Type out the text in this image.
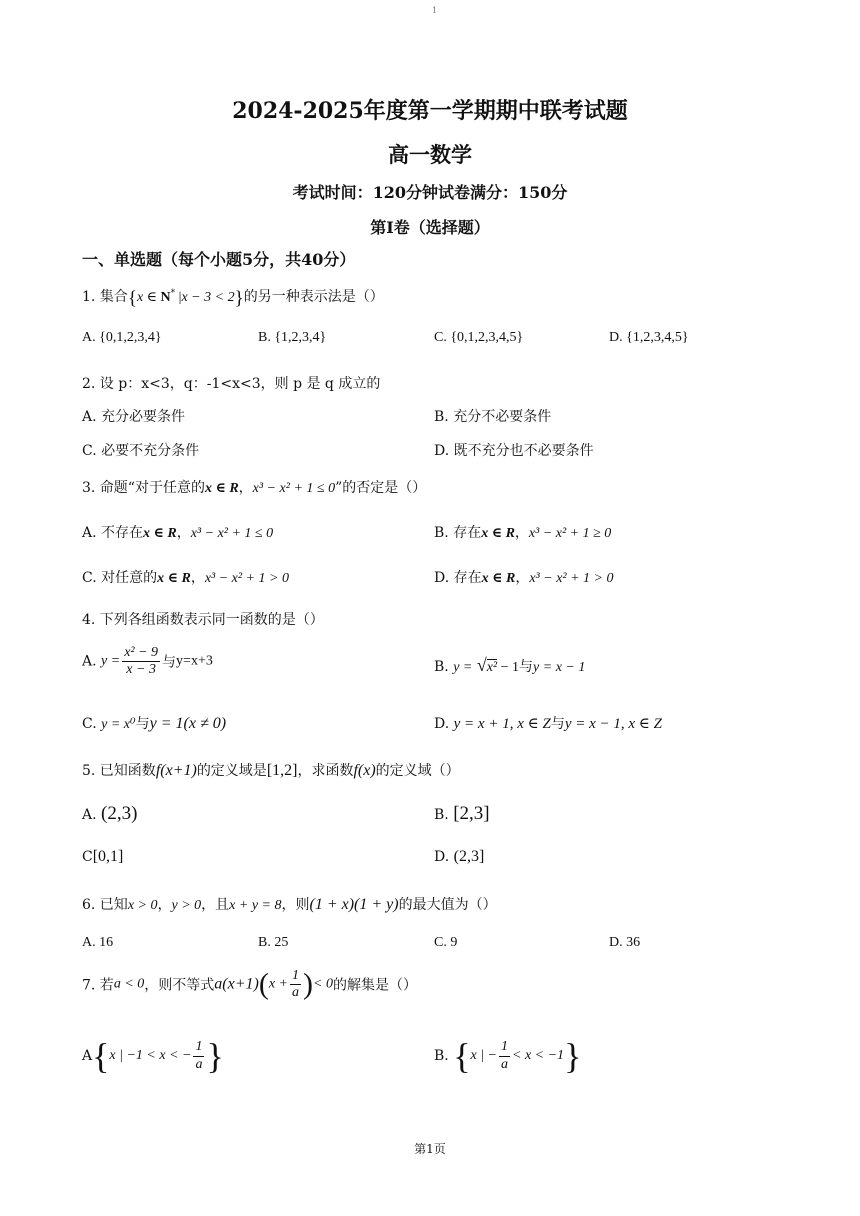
1
2024-2025年度第一学期期中联考试题
高一数学
考试时间：120分钟试卷满分：150分
第Ⅰ卷（选择题）
一、单选题（每个小题5分，共40分）
1. 集合{x ∈ N* |x − 3 < 2}的另一种表示法是（）
A. {0,1,2,3,4}	B. {1,2,3,4}	C. {0,1,2,3,4,5}	D. {1,2,3,4,5}
2. 设 p：x<3，q：-1<x<3，则 p 是 q 成立的
A. 充分必要条件	B. 充分不必要条件
C. 必要不充分条件	D. 既不充分也不必要条件
3. 命题“对于任意的x ∈ R，x³ − x² + 1 ≤ 0”的否定是（）
A. 不存在x ∈ R，x³ − x² + 1 ≤ 0	B. 存在x ∈ R，x³ − x² + 1 ≥ 0
C. 对任意的x ∈ R，x³ − x² + 1 > 0	D. 存在x ∈ R，x³ − x² + 1 > 0
4. 下列各组函数表示同一函数的是（）
A. $y = \frac{\text{x² − 9}}{x - 3}$ 与y=x+3	B. y = √x² − 1与y = x − 1
C. y = x⁰与y = 1(x ≠ 0)	D. y = x + 1, x ∈ Z与y = x − 1, x ∈ Z
5. 已知函数f(x+1)的定义域是[1,2]，求函数f(x)的定义域（）
A. (2,3)	B. [2,3]
C[0,1]	D. (2,3]
6. 已知x > 0，y > 0，且x + y = 8，则(1 + x)(1 + y)的最大值为（）
A. 16	B. 25	C. 9	D. 36
7. 若a < 0，则不等式$a(x+1)(x + \frac{1}{a}$ )< 0的解集是（）
A{x | −1 < x < − $\frac{1}{a}$ }	B. {x | − $\frac{1}{a} < x < -1$}
第1页
